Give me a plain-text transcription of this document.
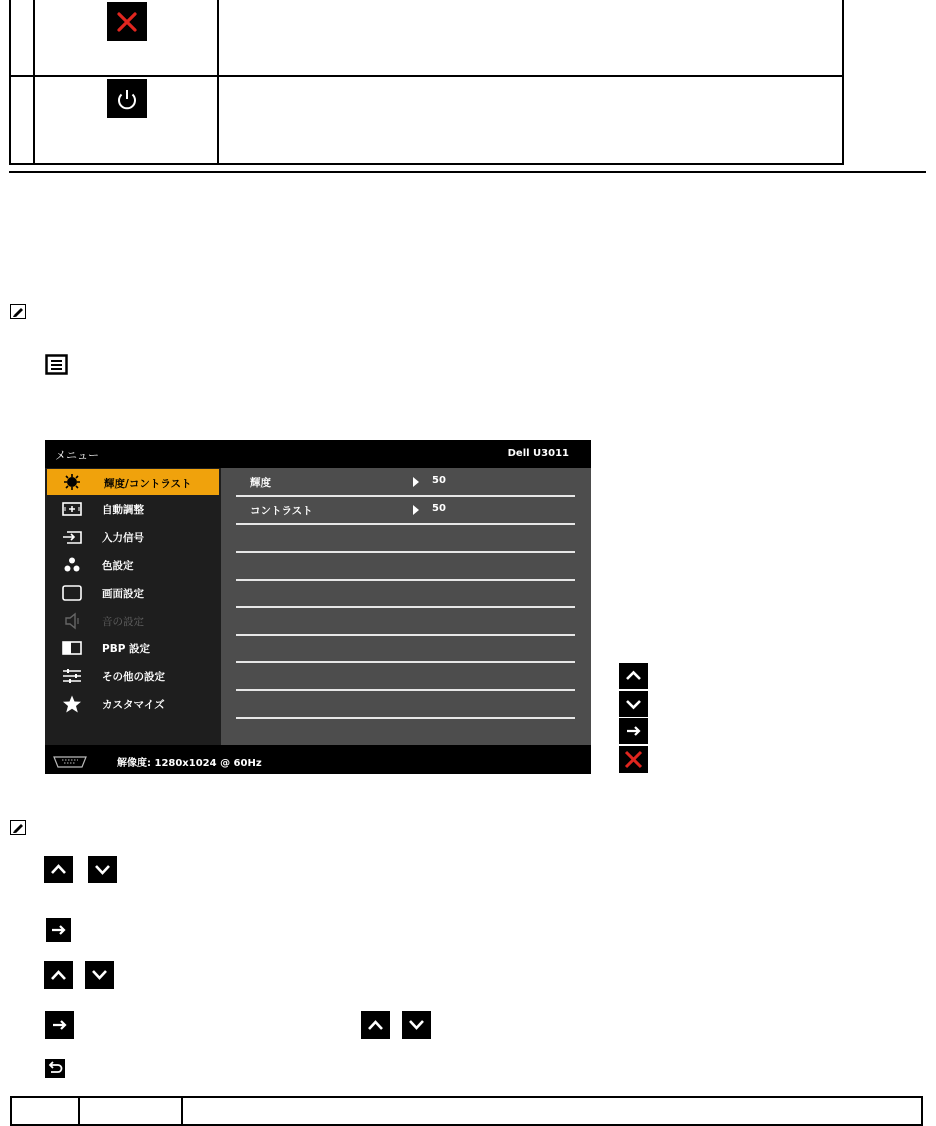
メニュー	Dell U3011
輝度/コントラスト
自動調整
入力信号
色設定
画面設定
音の設定
PBP 設定
その他の設定
カスタマイズ
輝度	50
コントラスト	50
解像度: 1280x1024 @ 60Hz
